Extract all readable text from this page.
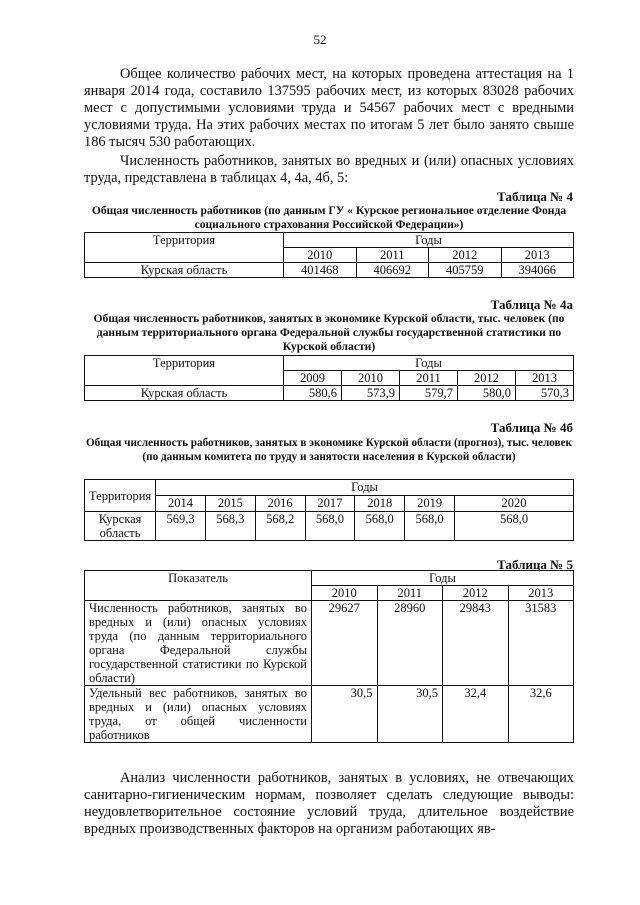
52

Общее количество рабочих мест, на которых проведена аттестация на 1 января 2014 года, составило 137595 рабочих мест, из которых 83028 рабочих мест с допустимыми условиями труда и 54567 рабочих мест с вредными условиями труда. На этих рабочих местах по итогам 5 лет было занято свыше 186 тысяч 530 работающих.

Численность работников, занятых во вредных и (или) опасных условиях труда, представлена в таблицах 4, 4а, 4б, 5:

Таблица № 4

Общая численность работников (по данным ГУ « Курское региональное отделение Фонда социального страхования Российской Федерации»)

Территория	Годы			
	2010	2011	2012	2013
Курская область	401468	406692	405759	394066

Таблица № 4а

Общая численность работников, занятых в экономике Курской области, тыс. человек (по данным территориального органа Федеральной службы государственной статистики по Курской области)

Территория	Годы				
	2009	2010	2011	2012	2013
Курская область	580,6	573,9	579,7	580,0	570,3

Таблица № 4б

Общая численность работников, занятых в экономике Курской области (прогноз), тыс. человек (по данным комитета по труду и занятости населения в Курской области)

Территория	Годы						
	2014	2015	2016	2017	2018	2019	2020
Курская область	569,3	568,3	568,2	568,0	568,0	568,0	568,0

Таблица № 5

Показатель	Годы			
	2010	2011	2012	2013
Численность работников, занятых во вредных и (или) опасных условиях труда (по данным территориального органа Федеральной службы государственной статистики по Курской области)	29627	28960	29843	31583
Удельный вес работников, занятых во вредных и (или) опасных условиях труда, от общей численности работников	30,5	30,5	32,4	32,6

Анализ численности работников, занятых в условиях, не отвечающих санитарно-гигиеническим нормам, позволяет сделать следующие выводы: неудовлетворительное состояние условий труда, длительное воздействие вредных производственных факторов на организм работающих яв-
